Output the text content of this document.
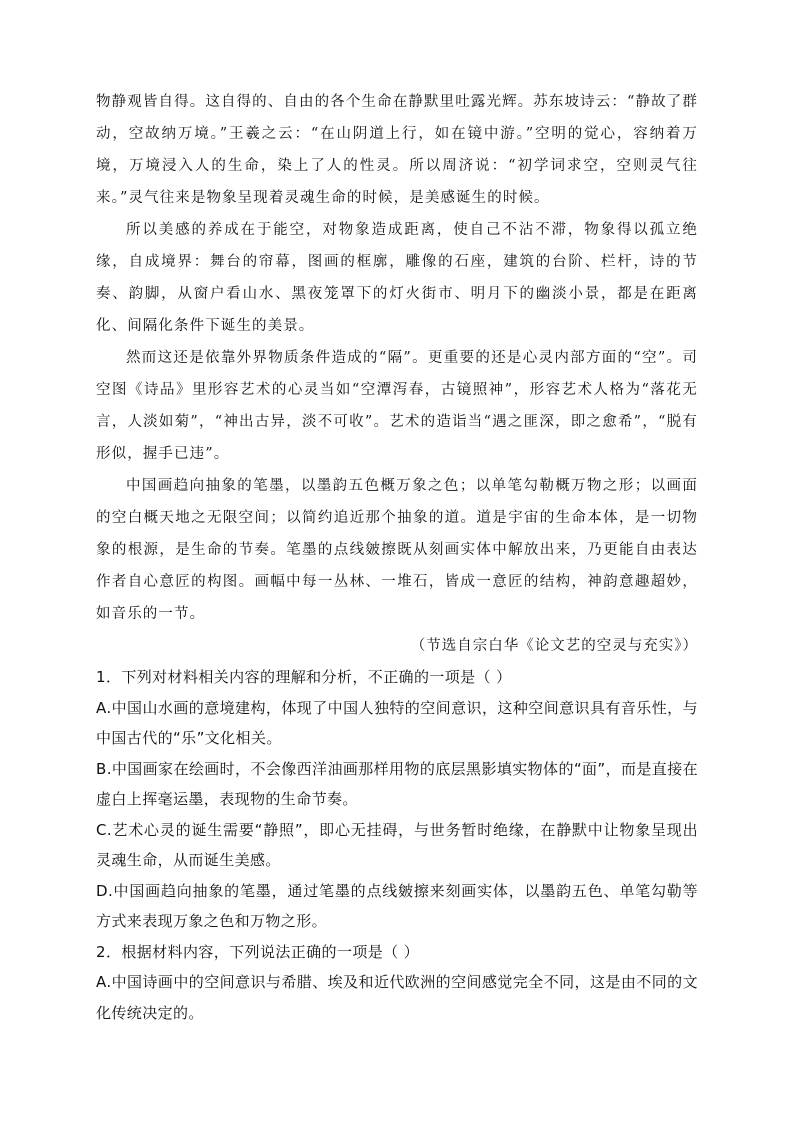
物静观皆自得。这自得的、自由的各个生命在静默里吐露光辉。苏东坡诗云：“静故了群动，空故纳万境。”王羲之云：“在山阴道上行，如在镜中游。”空明的觉心，容纳着万境，万境浸入人的生命，染上了人的性灵。所以周济说：“初学词求空，空则灵气往来。”灵气往来是物象呈现着灵魂生命的时候，是美感诞生的时候。

所以美感的养成在于能空，对物象造成距离，使自己不沾不滞，物象得以孤立绝缘，自成境界：舞台的帘幕，图画的框廓，雕像的石座，建筑的台阶、栏杆，诗的节奏、韵脚，从窗户看山水、黑夜笼罩下的灯火街市、明月下的幽淡小景，都是在距离化、间隔化条件下诞生的美景。

然而这还是依靠外界物质条件造成的“隔”。更重要的还是心灵内部方面的“空”。司空图《诗品》里形容艺术的心灵当如“空潭泻春，古镜照神”，形容艺术人格为“落花无言，人淡如菊”，“神出古异，淡不可收”。艺术的造诣当“遇之匪深，即之愈希”，“脱有形似，握手已违”。

中国画趋向抽象的笔墨，以墨韵五色概万象之色；以单笔勾勒概万物之形；以画面的空白概天地之无限空间；以简约追近那个抽象的道。道是宇宙的生命本体，是一切物象的根源，是生命的节奏。笔墨的点线皴擦既从刻画实体中解放出来，乃更能自由表达作者自心意匠的构图。画幅中每一丛林、一堆石，皆成一意匠的结构，神韵意趣超妙，如音乐的一节。

（节选自宗白华《论文艺的空灵与充实》）

1．下列对材料相关内容的理解和分析，不正确的一项是（ ）

A.中国山水画的意境建构，体现了中国人独特的空间意识，这种空间意识具有音乐性，与中国古代的“乐”文化相关。

B.中国画家在绘画时，不会像西洋油画那样用物的底层黑影填实物体的“面”，而是直接在虚白上挥毫运墨，表现物的生命节奏。

C.艺术心灵的诞生需要“静照”，即心无挂碍，与世务暂时绝缘，在静默中让物象呈现出灵魂生命，从而诞生美感。

D.中国画趋向抽象的笔墨，通过笔墨的点线皴擦来刻画实体，以墨韵五色、单笔勾勒等方式来表现万象之色和万物之形。

2．根据材料内容，下列说法正确的一项是（ ）

A.中国诗画中的空间意识与希腊、埃及和近代欧洲的空间感觉完全不同，这是由不同的文化传统决定的。
